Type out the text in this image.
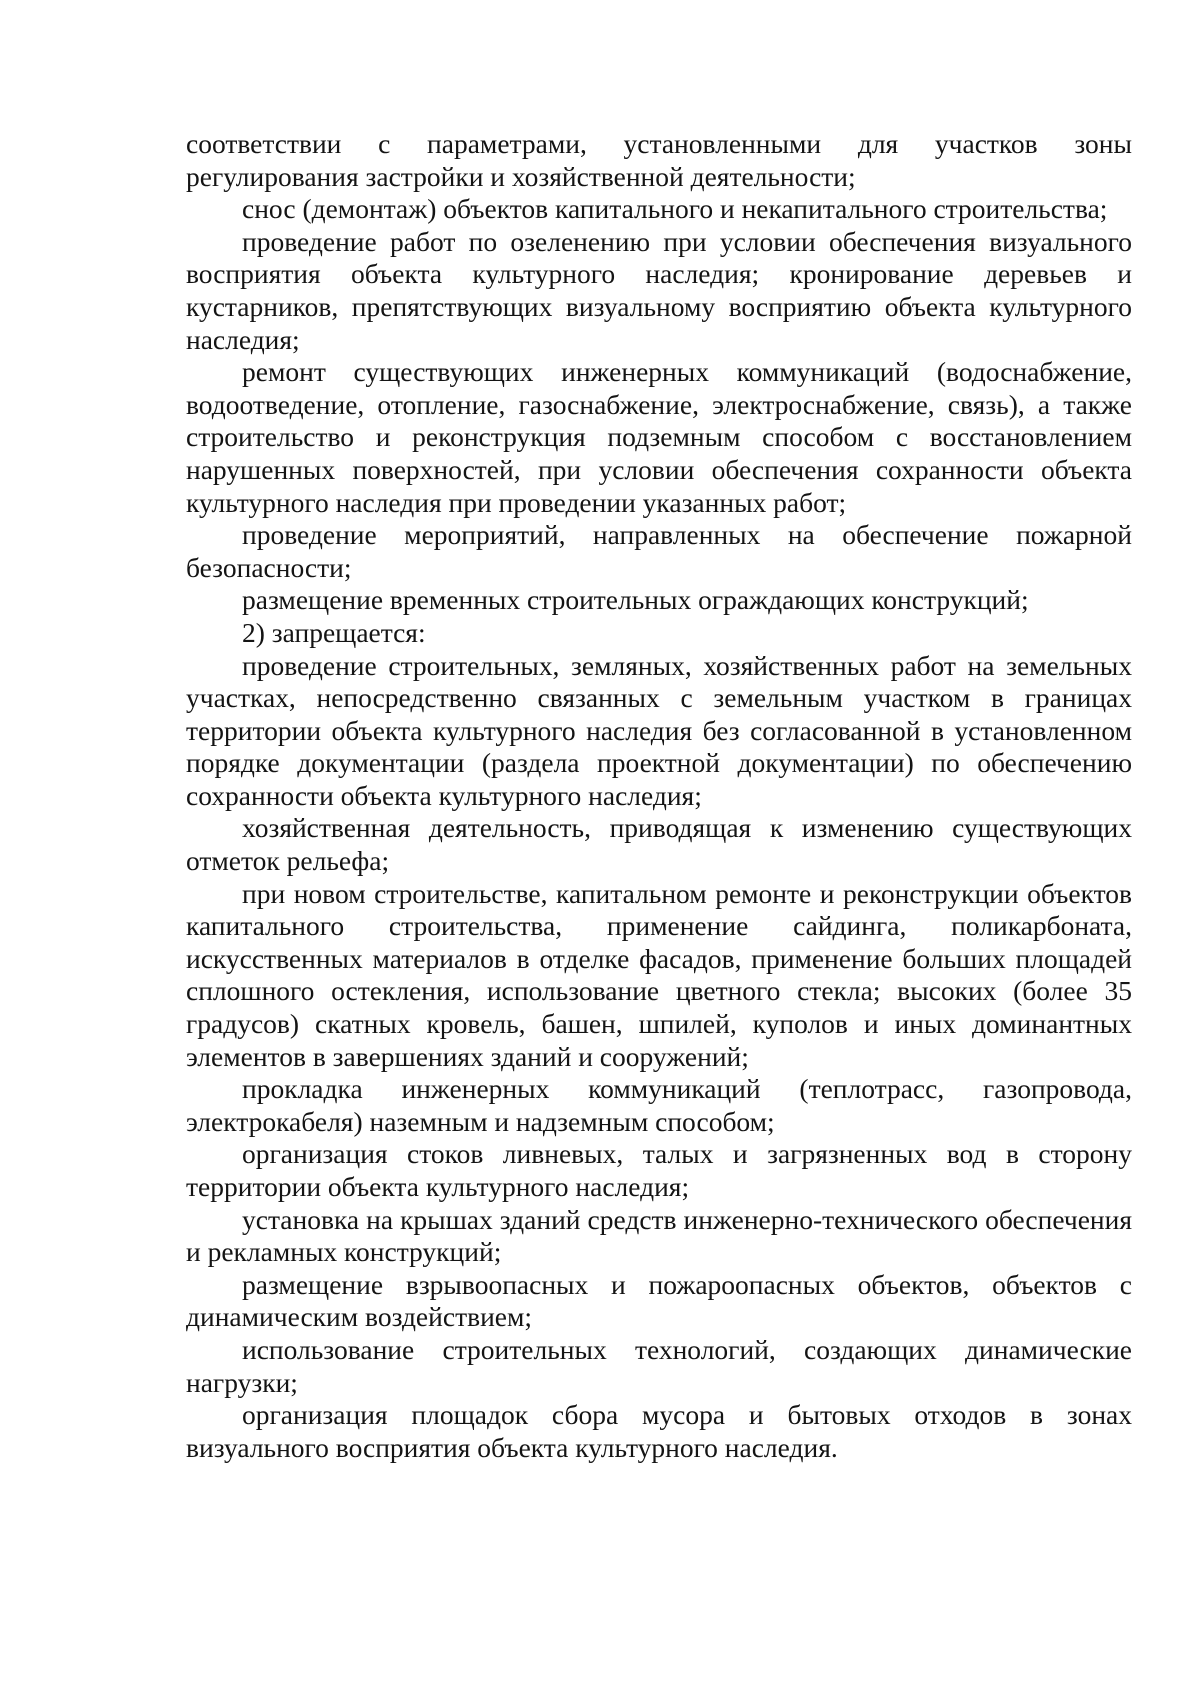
соответствии с параметрами, установленными для участков зоны регулирования застройки и хозяйственной деятельности;

снос (демонтаж) объектов капитального и некапитального строительства;

проведение работ по озеленению при условии обеспечения визуального восприятия объекта культурного наследия; кронирование деревьев и кустарников, препятствующих визуальному восприятию объекта культурного наследия;

ремонт существующих инженерных коммуникаций (водоснабжение, водоотведение, отопление, газоснабжение, электроснабжение, связь), а также строительство и реконструкция подземным способом с восстановлением нарушенных поверхностей, при условии обеспечения сохранности объекта культурного наследия при проведении указанных работ;

проведение мероприятий, направленных на обеспечение пожарной безопасности;

размещение временных строительных ограждающих конструкций;

2) запрещается:

проведение строительных, земляных, хозяйственных работ на земельных участках, непосредственно связанных с земельным участком в границах территории объекта культурного наследия без согласованной в установленном порядке документации (раздела проектной документации) по обеспечению сохранности объекта культурного наследия;

хозяйственная деятельность, приводящая к изменению существующих отметок рельефа;

при новом строительстве, капитальном ремонте и реконструкции объектов капитального строительства, применение сайдинга, поликарбоната, искусственных материалов в отделке фасадов, применение больших площадей сплошного остекления, использование цветного стекла; высоких (более 35 градусов) скатных кровель, башен, шпилей, куполов и иных доминантных элементов в завершениях зданий и сооружений;

прокладка инженерных коммуникаций (теплотрасс, газопровода, электрокабеля) наземным и надземным способом;

организация стоков ливневых, талых и загрязненных вод в сторону территории объекта культурного наследия;

установка на крышах зданий средств инженерно-технического обеспечения и рекламных конструкций;

размещение взрывоопасных и пожароопасных объектов, объектов с динамическим воздействием;

использование строительных технологий, создающих динамические нагрузки;

организация площадок сбора мусора и бытовых отходов в зонах визуального восприятия объекта культурного наследия.
